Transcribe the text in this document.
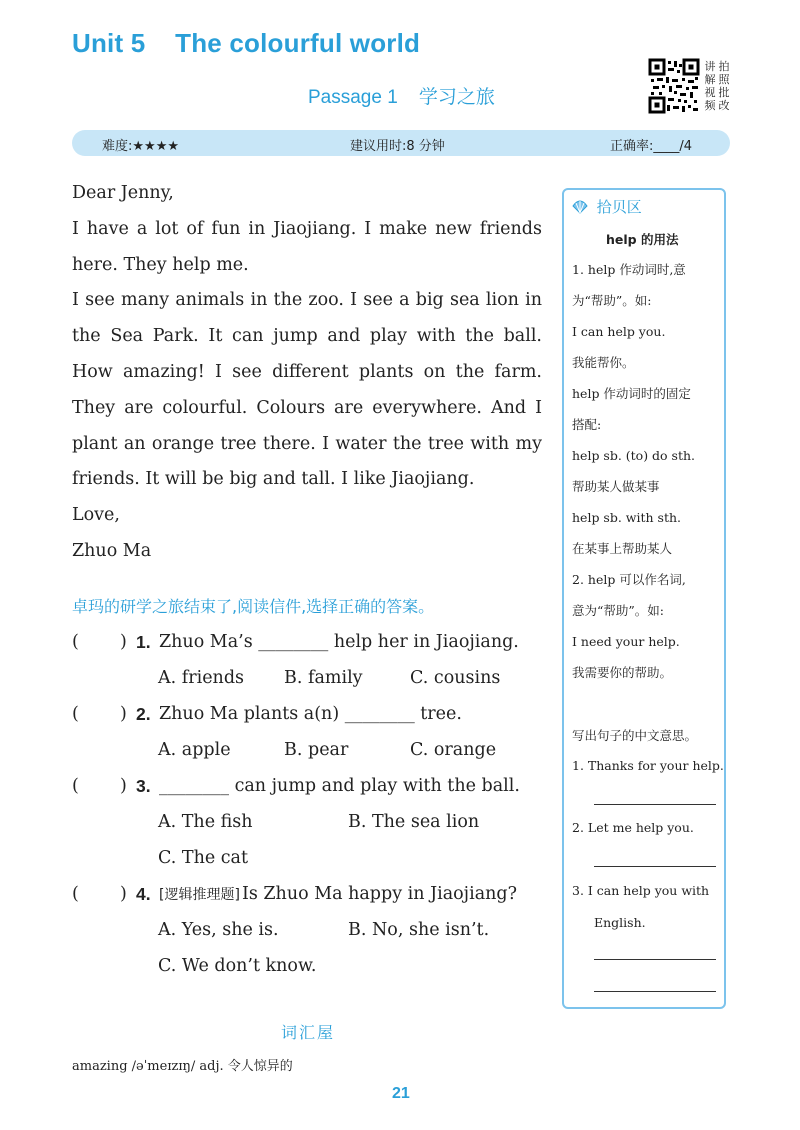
Unit 5    The colourful world
Passage 1    学习之旅
讲
解
视
频
拍
照
批
改
难度:★★★★	建议用时:8 分钟	正确率:____/4

Dear Jenny,

I have a lot of fun in Jiaojiang. I make new friends here. They help me.

I see many animals in the zoo. I see a big sea lion in the Sea Park. It can jump and play with the ball. How amazing! I see different plants on the farm. They are colourful. Colours are everywhere. And I plant an orange tree there. I water the tree with my friends. It will be big and tall. I like Jiaojiang.

Love,

Zhuo Ma

卓玛的研学之旅结束了,阅读信件,选择正确的答案。
( ) 1. Zhuo Ma’s ________ help her in Jiaojiang.
A. friends B. family	C. cousins
( ) 2. Zhuo Ma plants a(n) ________ tree.
A. apple	B. pear	C. orange
( ) 3. ________ can jump and play with the ball.
A. The fish	B. The sea lion
C. The cat
( ) 4. [逻辑推理题] Is Zhuo Ma happy in Jiaojiang?
A. Yes, she is.	B. No, she isn’t.
C. We don’t know.
拾贝区
help 的用法
1. help 作动词时,意
为“帮助”。如:
I can help you.
我能帮你。
help 作动词时的固定
搭配:
help sb. (to) do sth.
帮助某人做某事
help sb. with sth.
在某事上帮助某人
2. help 可以作名词,
意为“帮助”。如:
I need your help.
我需要你的帮助。
写出句子的中文意思。
1. Thanks for your help.
2. Let me help you.
3. I can help you with
English.
词汇屋
amazing /əˈmeɪzɪŋ/ adj. 令人惊异的
21
